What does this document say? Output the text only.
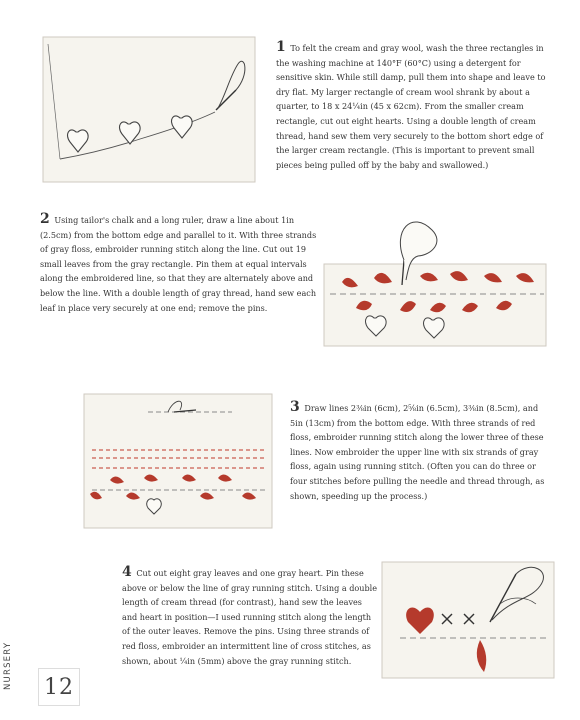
1 To felt the cream and gray wool, wash the three rectangles in the washing machine at 140°F (60°C) using a detergent for sensitive skin. While still damp, pull them into shape and leave to dry flat. My larger rectangle of cream wool shrank by about a quarter, to 18 x 24¼in (45 x 62cm). From the smaller cream rectangle, cut out eight hearts. Using a double length of cream thread, hand sew them very securely to the bottom short edge of the larger cream rectangle. (This is important to prevent small pieces being pulled off by the baby and swallowed.)
2 Using tailor's chalk and a long ruler, draw a line about 1in (2.5cm) from the bottom edge and parallel to it. With three strands of gray floss, embroider running stitch along the line. Cut out 19 small leaves from the gray rectangle. Pin them at equal intervals along the embroidered line, so that they are alternately above and below the line. With a double length of gray thread, hand sew each leaf in place very securely at one end; remove the pins.
3 Draw lines 2⅜in (6cm), 2⅝in (6.5cm), 3⅜in (8.5cm), and 5in (13cm) from the bottom edge. With three strands of red floss, embroider running stitch along the lower three of these lines. Now embroider the upper line with six strands of gray floss, again using running stitch. (Often you can do three or four stitches before pulling the needle and thread through, as shown, speeding up the process.)
4 Cut out eight gray leaves and one gray heart. Pin these above or below the line of gray running stitch. Using a double length of cream thread (for contrast), hand sew the leaves and heart in position—I used running stitch along the length of the outer leaves. Remove the pins. Using three strands of red floss, embroider an intermittent line of cross stitches, as shown, about ¼in (5mm) above the gray running stitch.
NURSERY 12
